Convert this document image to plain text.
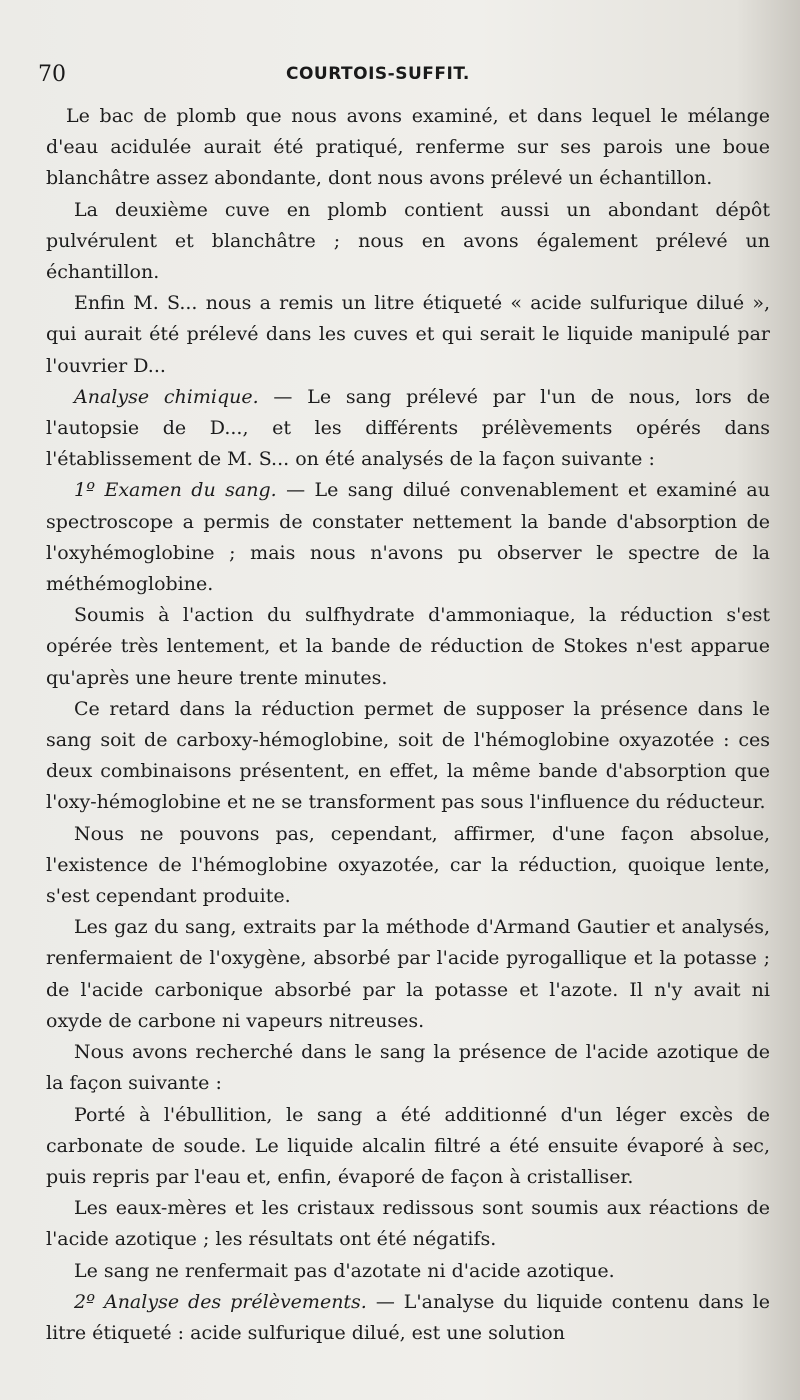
70	COURTOIS-SUFFIT.

Le bac de plomb que nous avons examiné, et dans lequel le mélange d'eau acidulée aurait été pratiqué, renferme sur ses parois une boue blanchâtre assez abondante, dont nous avons prélevé un échantillon.

La deuxième cuve en plomb contient aussi un abondant dépôt pulvérulent et blanchâtre ; nous en avons également prélevé un échantillon.

Enfin M. S... nous a remis un litre étiqueté « acide sulfurique dilué », qui aurait été prélevé dans les cuves et qui serait le liquide manipulé par l'ouvrier D...

Analyse chimique. — Le sang prélevé par l'un de nous, lors de l'autopsie de D..., et les différents prélèvements opérés dans l'établissement de M. S... on été analysés de la façon suivante :

1º Examen du sang. — Le sang dilué convenablement et examiné au spectroscope a permis de constater nettement la bande d'absorption de l'oxyhémoglobine ; mais nous n'avons pu observer le spectre de la méthémoglobine.

Soumis à l'action du sulfhydrate d'ammoniaque, la réduction s'est opérée très lentement, et la bande de réduction de Stokes n'est apparue qu'après une heure trente minutes.

Ce retard dans la réduction permet de supposer la présence dans le sang soit de carboxy-hémoglobine, soit de l'hémoglobine oxyazotée : ces deux combinaisons présentent, en effet, la même bande d'absorption que l'oxy-hémoglobine et ne se transforment pas sous l'influence du réducteur.

Nous ne pouvons pas, cependant, affirmer, d'une façon absolue, l'existence de l'hémoglobine oxyazotée, car la réduction, quoique lente, s'est cependant produite.

Les gaz du sang, extraits par la méthode d'Armand Gautier et analysés, renfermaient de l'oxygène, absorbé par l'acide pyrogallique et la potasse ; de l'acide carbonique absorbé par la potasse et l'azote. Il n'y avait ni oxyde de carbone ni vapeurs nitreuses.

Nous avons recherché dans le sang la présence de l'acide azotique de la façon suivante :

Porté à l'ébullition, le sang a été additionné d'un léger excès de carbonate de soude. Le liquide alcalin filtré a été ensuite évaporé à sec, puis repris par l'eau et, enfin, évaporé de façon à cristalliser.

Les eaux-mères et les cristaux redissous sont soumis aux réactions de l'acide azotique ; les résultats ont été négatifs.

Le sang ne renfermait pas d'azotate ni d'acide azotique.

2º Analyse des prélèvements. — L'analyse du liquide contenu dans le litre étiqueté : acide sulfurique dilué, est une solution
